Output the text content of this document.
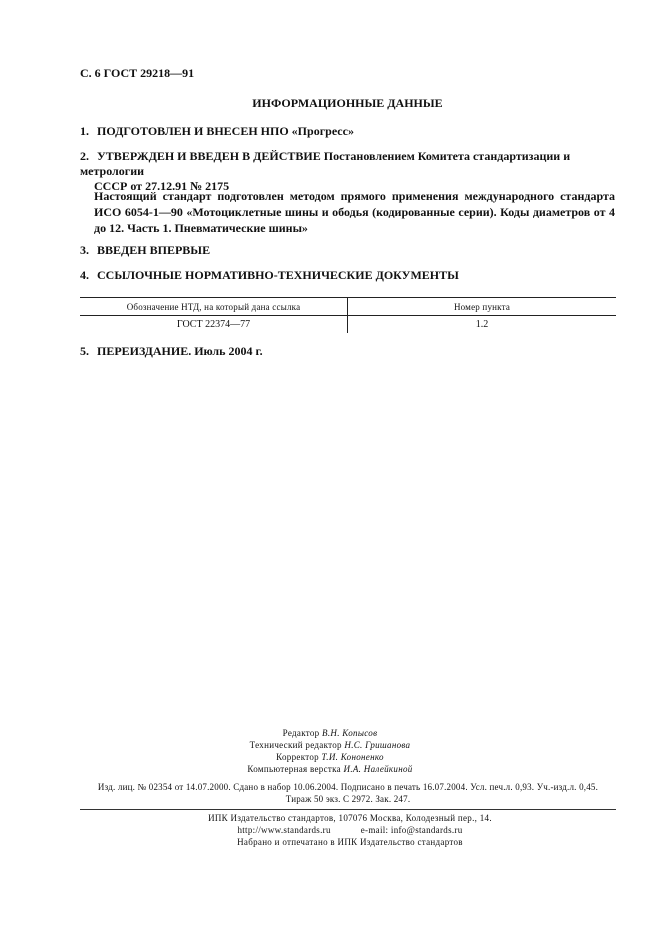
С. 6 ГОСТ 29218—91
ИНФОРМАЦИОННЫЕ ДАННЫЕ
1. ПОДГОТОВЛЕН И ВНЕСЕН НПО «Прогресс»
2. УТВЕРЖДЕН И ВВЕДЕН В ДЕЙСТВИЕ Постановлением Комитета стандартизации и метрологии
СССР от 27.12.91 № 2175
Настоящий стандарт подготовлен методом прямого применения международного стандарта ИСО 6054-1—90 «Мотоциклетные шины и ободья (кодированные серии). Коды диаметров от 4 до 12. Часть 1. Пневматические шины»
3. ВВЕДЕН ВПЕРВЫЕ
4. ССЫЛОЧНЫЕ НОРМАТИВНО-ТЕХНИЧЕСКИЕ ДОКУМЕНТЫ
Обозначение НТД, на который дана ссылка	Номер пункта
ГОСТ 22374—77	1.2
5. ПЕРЕИЗДАНИЕ. Июль 2004 г.
Редактор В.Н. Копысов
Технический редактор Н.С. Гришанова
Корректор Т.И. Кононенко
Компьютерная верстка И.А. Налейкиной
Изд. лиц. № 02354 от 14.07.2000. Сдано в набор 10.06.2004. Подписано в печать 16.07.2004. Усл. печ.л. 0,93. Уч.-изд.л. 0,45.
Тираж 50 экз. С 2972. Зак. 247.
ИПК Издательство стандартов, 107076 Москва, Колодезный пер., 14.
http://www.standards.ru	e-mail: info@standards.ru
Набрано и отпечатано в ИПК Издательство стандартов
